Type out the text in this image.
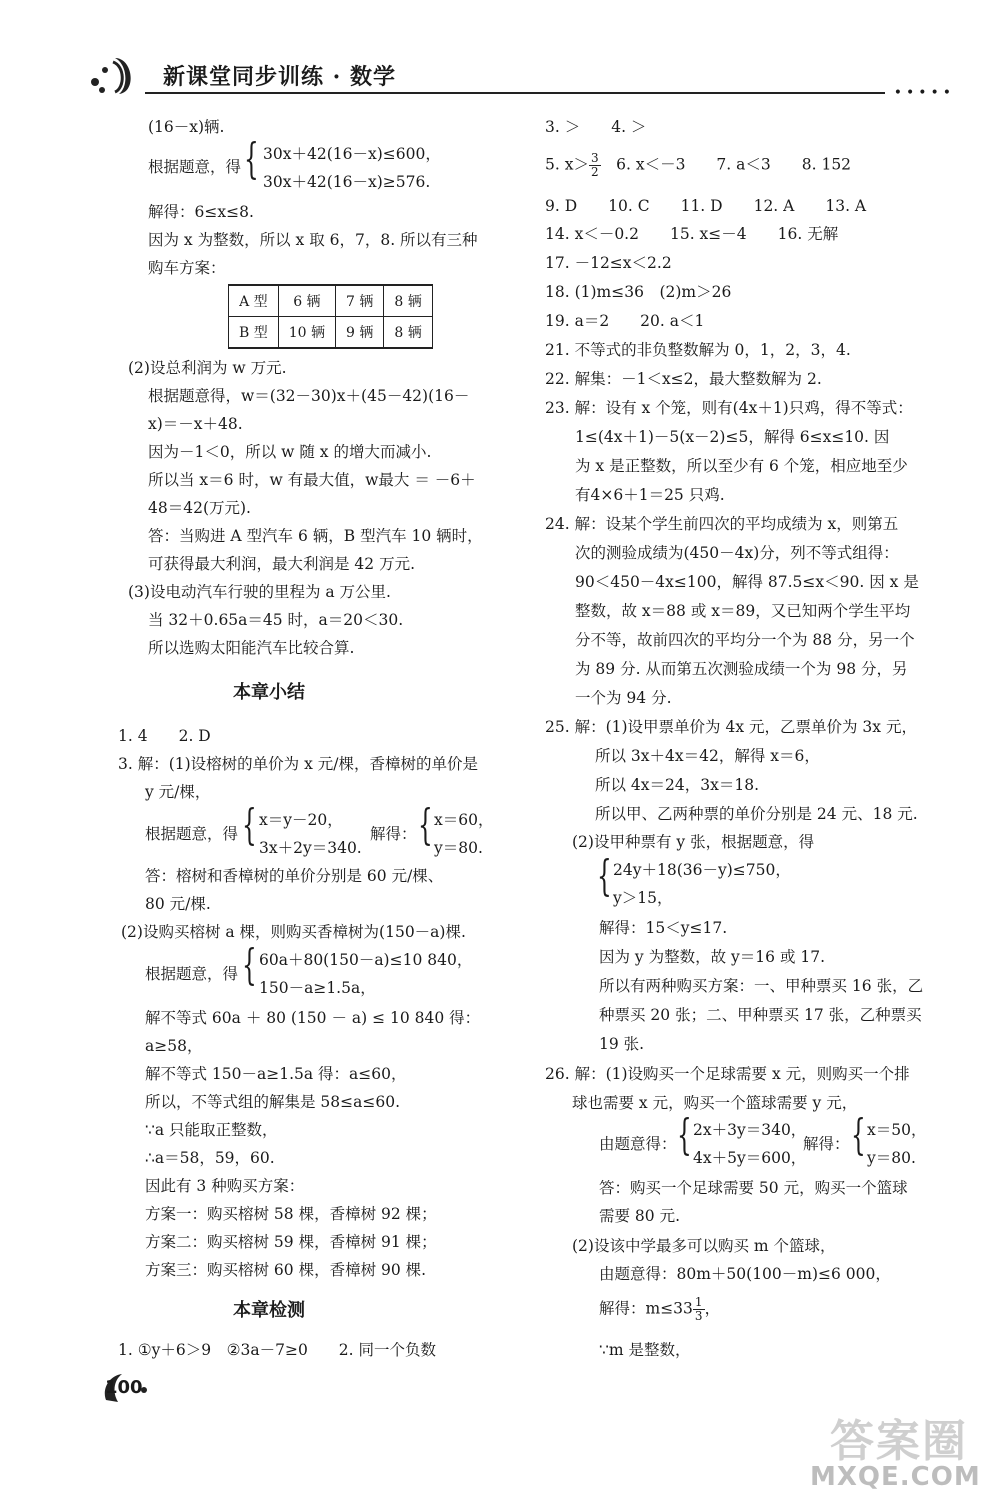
新课堂同步训练 · 数学
•••••
(16－x)辆.
根据题意，得 { 30x＋42(16－x)≤600，
30x＋42(16－x)≥576.
解得：6≤x≤8.
因为 x 为整数，所以 x 取 6，7，8. 所以有三种
购车方案：
A 型	6 辆	7 辆	8 辆
B 型	10 辆	9 辆	8 辆
(2)设总利润为 w 万元.
根据题意得，w＝(32－30)x＋(45－42)(16－
x)＝－x＋48.
因为－1＜0，所以 w 随 x 的增大而减小.
所以当 x＝6 时，w 有最大值，w最大 ＝ －6＋
48＝42(万元).
答：当购进 A 型汽车 6 辆，B 型汽车 10 辆时，
可获得最大利润，最大利润是 42 万元.
(3)设电动汽车行驶的里程为 a 万公里.
当 32＋0.65a＝45 时，a＝20＜30.
所以选购太阳能汽车比较合算.
本章小结
1. 4　　2. D
3. 解：(1)设榕树的单价为 x 元/棵，香樟树的单价是
y 元/棵，
根据题意，得 { x＝y－20，
3x＋2y＝340.
解得： { x＝60，
y＝80.
答：榕树和香樟树的单价分别是 60 元/棵、
80 元/棵.
(2)设购买榕树 a 棵，则购买香樟树为(150－a)棵.
根据题意，得 { 60a＋80(150－a)≤10 840，
150－a≥1.5a，
解不等式 60a ＋ 80 (150 － a) ≤ 10 840 得：
a≥58，
解不等式 150－a≥1.5a 得：a≤60，
所以，不等式组的解集是 58≤a≤60.
∵a 只能取正整数，
∴a＝58，59，60.
因此有 3 种购买方案：
方案一：购买榕树 58 棵，香樟树 92 棵；
方案二：购买榕树 59 棵，香樟树 91 棵；
方案三：购买榕树 60 棵，香樟树 90 棵.
本章检测
1. ①y＋6＞9　②3a－7≥0　　2. 同一个负数
3. ＞　　4. ＞
5. $x> \frac{3}{2}$ 　6. x＜－3　　7. a＜3　　8. 152
9. D　　10. C　　11. D　　12. A　　13. A
14. x＜－0.2　　15. x≤－4　　16. 无解
17. －12≤x＜2.2
18. (1)m≤36　(2)m＞26
19. a＝2　　20. a＜1
21. 不等式的非负整数解为 0，1，2，3，4.
22. 解集：－1＜x≤2，最大整数解为 2.
23. 解：设有 x 个笼，则有(4x＋1)只鸡，得不等式：
1≤(4x＋1)－5(x－2)≤5，解得 6≤x≤10. 因
为 x 是正整数，所以至少有 6 个笼，相应地至少
有4×6＋1＝25 只鸡.
24. 解：设某个学生前四次的平均成绩为 x，则第五
次的测验成绩为(450－4x)分，列不等式组得：
90＜450－4x≤100，解得 87.5≤x＜90. 因 x 是
整数，故 x＝88 或 x＝89，又已知两个学生平均
分不等，故前四次的平均分一个为 88 分，另一个
为 89 分. 从而第五次测验成绩一个为 98 分，另
一个为 94 分.
25. 解：(1)设甲票单价为 4x 元，乙票单价为 3x 元，
所以 3x＋4x＝42，解得 x＝6，
所以 4x＝24，3x＝18.
所以甲、乙两种票的单价分别是 24 元、18 元.
(2)设甲种票有 y 张，根据题意，得
{ 24y＋18(36－y)≤750，
y＞15，
解得：15＜y≤17.
因为 y 为整数，故 y＝16 或 17.
所以有两种购买方案：一、甲种票买 16 张，乙
种票买 20 张；二、甲种票买 17 张，乙种票买
19 张.
26. 解：(1)设购买一个足球需要 x 元，则购买一个排
球也需要 x 元，购买一个篮球需要 y 元，
由题意得： { 2x＋3y＝340，
4x＋5y＝600，
解得： { x＝50，
y＝80.
答：购买一个足球需要 50 元，购买一个篮球
需要 80 元.
(2)设该中学最多可以购买 m 个篮球，
由题意得：80m＋50(100－m)≤6 000，
解得：$m\le 33 \frac{1}{3}$ ，
∵m 是整数，
100
答案圈
MXQE.COM
